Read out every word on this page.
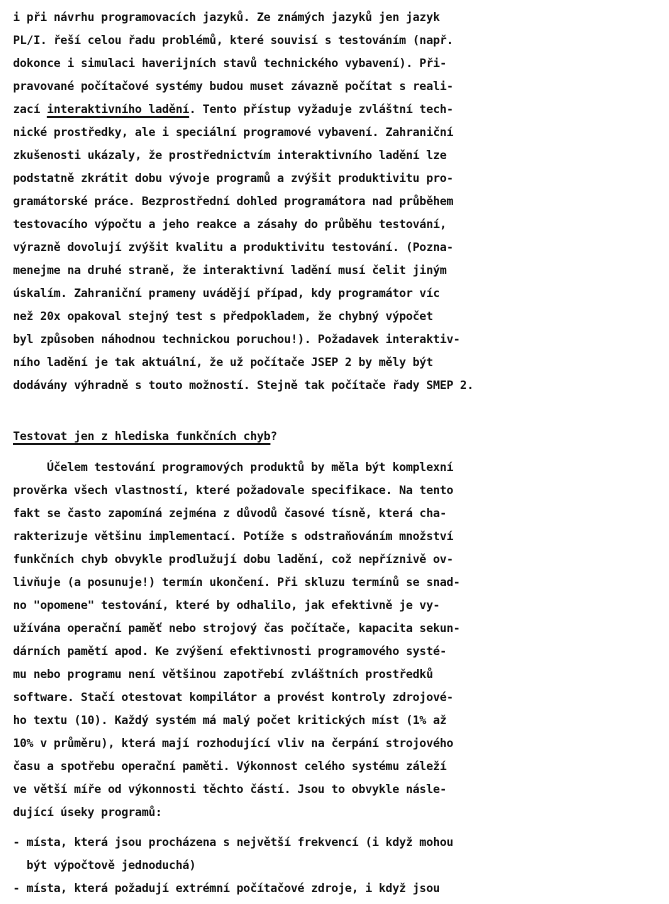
i při návrhu programovacích jazyků. Ze známých jazyků jen jazyk
PL/I. řeší celou řadu problémů, které souvisí s testováním (např.
dokonce i simulaci haverijních stavů technického vybavení). Při-
pravované počítačové systémy budou muset závazně počítat s reali-
zací interaktivního ladění. Tento přístup vyžaduje zvláštní tech-
nické prostředky, ale i speciální programové vybavení. Zahraniční
zkušenosti ukázaly, že prostřednictvím interaktivního ladění lze
podstatně zkrátit dobu vývoje programů a zvýšit produktivitu pro-
gramátorské práce. Bezprostřední dohled programátora nad průběhem
testovacího výpočtu a jeho reakce a zásahy do průběhu testování,
výrazně dovolují zvýšit kvalitu a produktivitu testování. (Pozna-
menejme na druhé straně, že interaktivní ladění musí čelit jiným
úskalím. Zahraniční prameny uvádějí případ, kdy programátor víc
než 20x opakoval stejný test s předpokladem, že chybný výpočet
byl způsoben náhodnou technickou poruchou!). Požadavek interaktiv-
ního ladění je tak aktuální, že už počítače JSEP 2 by měly být
dodávány výhradně s touto možností. Stejně tak počítače řady SMEP 2.
Testovat jen z hlediska funkčních chyb?
Účelem testování programových produktů by měla být komplexní
prověrka všech vlastností, které požadovale specifikace. Na tento
fakt se často zapomíná zejména z důvodů časové tísně, která cha-
rakterizuje většinu implementací. Potíže s odstraňováním množství
funkčních chyb obvykle prodlužují dobu ladění, což nepříznivě ov-
livňuje (a posunuje!) termín ukončení. Při skluzu termínů se snad-
no "opomene" testování, které by odhalilo, jak efektivně je vy-
užívána operační paměť nebo strojový čas počítače, kapacita sekun-
dárních pamětí apod. Ke zvýšení efektivnosti programového systé-
mu nebo programu není většinou zapotřebí zvláštních prostředků
software. Stačí otestovat kompilátor a provést kontroly zdrojové-
ho textu (10). Každý systém má malý počet kritických míst (1% až
10% v průměru), která mají rozhodující vliv na čerpání strojového
času a spotřebu operační paměti. Výkonnost celého systému záleží
ve větší míře od výkonnosti těchto částí. Jsou to obvykle násle-
dující úseky programů:
- místa, která jsou procházena s největší frekvencí (i když mohou
být výpočtově jednoduchá)
- místa, která požadují extrémní počítačové zdroje, i když jsou
